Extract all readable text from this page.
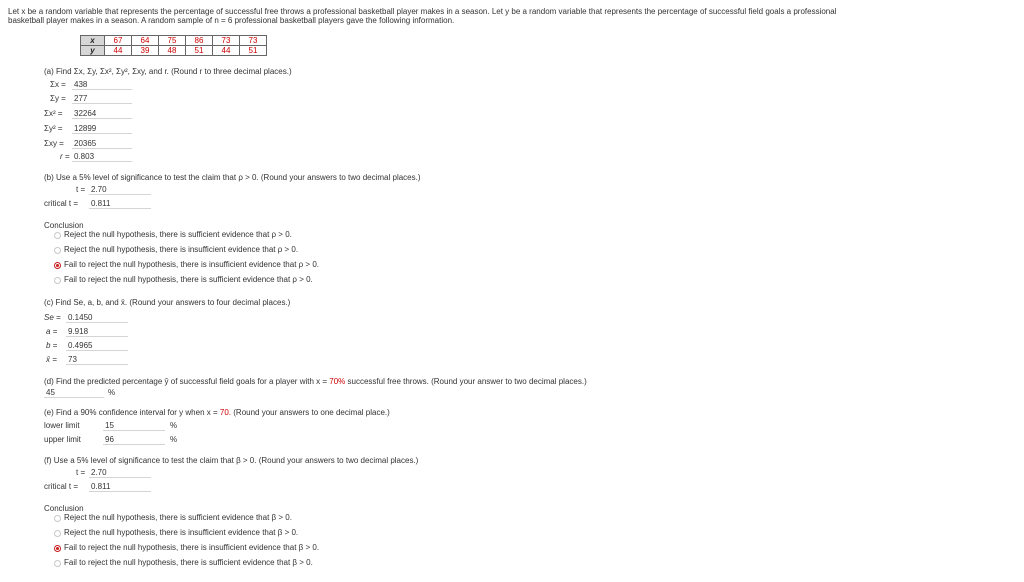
Let x be a random variable that represents the percentage of successful free throws a professional basketball player makes in a season. Let y be a random variable that represents the percentage of successful field goals a professional
basketball player makes in a season. A random sample of n = 6 professional basketball players gave the following information.
x	67	64	75	86	73	73
y	44	39	48	51	44	51
(a) Find Σx, Σy, Σx², Σy², Σxy, and r. (Round r to three decimal places.)
Σx = 438
Σy = 277
Σx² = 32264
Σy² = 12899
Σxy = 20365
r = 0.803
(b) Use a 5% level of significance to test the claim that ρ > 0. (Round your answers to two decimal places.)
t = 2.70
critical t = 0.811
Conclusion
Reject the null hypothesis, there is sufficient evidence that ρ > 0.
Reject the null hypothesis, there is insufficient evidence that ρ > 0.
Fail to reject the null hypothesis, there is insufficient evidence that ρ > 0.
Fail to reject the null hypothesis, there is sufficient evidence that ρ > 0.
(c) Find Se, a, b, and x̄. (Round your answers to four decimal places.)
Se = 0.1450
a = 9.918
b = 0.4965
x̄ = 73
(d) Find the predicted percentage ŷ of successful field goals for a player with x = 70% successful free throws. (Round your answer to two decimal places.)
45	%
(e) Find a 90% confidence interval for y when x = 70. (Round your answers to one decimal place.)
lower limit	15	%
upper limit	96	%
(f) Use a 5% level of significance to test the claim that β > 0. (Round your answers to two decimal places.)
t = 2.70
critical t = 0.811
Conclusion
Reject the null hypothesis, there is sufficient evidence that β > 0.
Reject the null hypothesis, there is insufficient evidence that β > 0.
Fail to reject the null hypothesis, there is insufficient evidence that β > 0.
Fail to reject the null hypothesis, there is sufficient evidence that β > 0.
